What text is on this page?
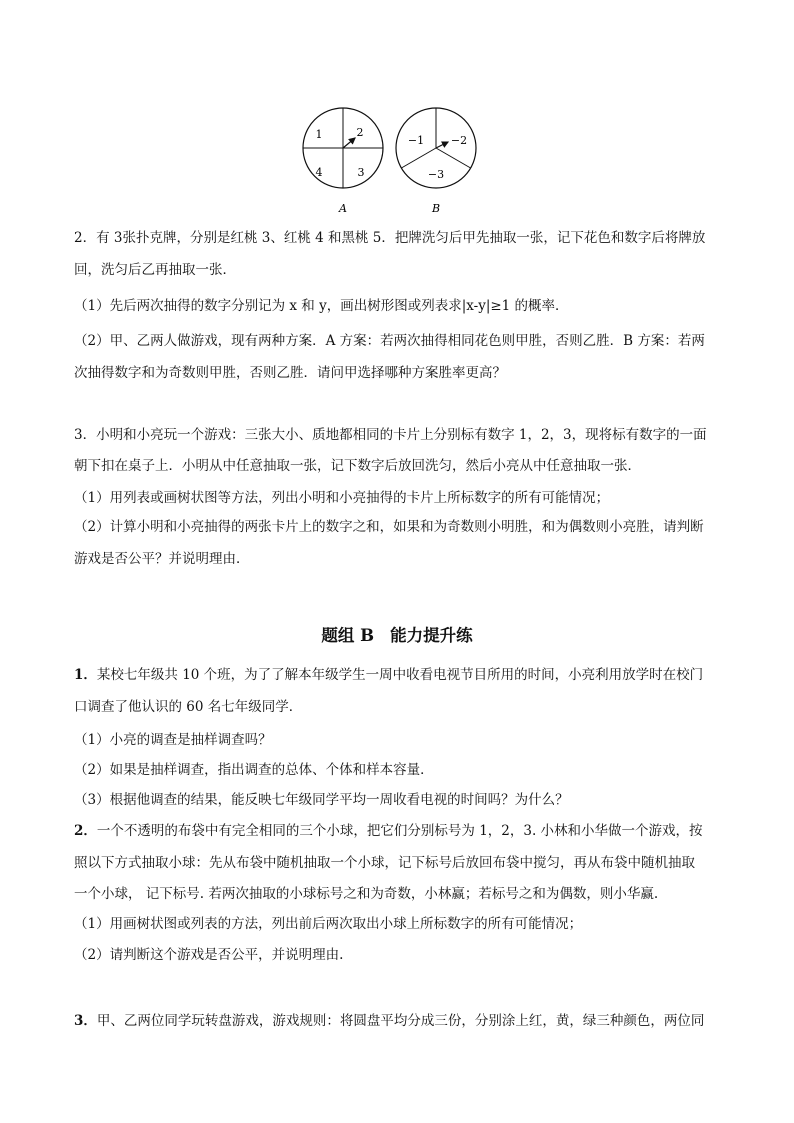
1	2
4	3
A
−1 −2
−3
B
2．有 3张扑克牌，分别是红桃 3、红桃 4 和黑桃 5．把牌洗匀后甲先抽取一张，记下花色和数字后将牌放
回，洗匀后乙再抽取一张．
（1）先后两次抽得的数字分别记为 x 和 y，画出树形图或列表求|x-y|≥1 的概率．
（2）甲、乙两人做游戏，现有两种方案．A 方案：若两次抽得相同花色则甲胜，否则乙胜．B 方案：若两
次抽得数字和为奇数则甲胜，否则乙胜．请问甲选择哪种方案胜率更高？
3．小明和小亮玩一个游戏：三张大小、质地都相同的卡片上分别标有数字 1，2，3，现将标有数字的一面
朝下扣在桌子上．小明从中任意抽取一张，记下数字后放回洗匀，然后小亮从中任意抽取一张．
（1）用列表或画树状图等方法，列出小明和小亮抽得的卡片上所标数字的所有可能情况；
（2）计算小明和小亮抽得的两张卡片上的数字之和，如果和为奇数则小明胜，和为偶数则小亮胜，请判断
游戏是否公平？并说明理由．
题组 B 能力提升练
1．某校七年级共 10 个班，为了了解本年级学生一周中收看电视节目所用的时间，小亮利用放学时在校门
口调查了他认识的 60 名七年级同学．
（1）小亮的调查是抽样调查吗？
（2）如果是抽样调查，指出调查的总体、个体和样本容量．
（3）根据他调查的结果，能反映七年级同学平均一周收看电视的时间吗？为什么？
2．一个不透明的布袋中有完全相同的三个小球，把它们分别标号为 1，2，3. 小林和小华做一个游戏，按
照以下方式抽取小球：先从布袋中随机抽取一个小球，记下标号后放回布袋中搅匀，再从布袋中随机抽取
一个小球， 记下标号. 若两次抽取的小球标号之和为奇数，小林赢；若标号之和为偶数，则小华赢.
（1）用画树状图或列表的方法，列出前后两次取出小球上所标数字的所有可能情况；
（2）请判断这个游戏是否公平，并说明理由.
3．甲、乙两位同学玩转盘游戏，游戏规则：将圆盘平均分成三份，分别涂上红，黄，绿三种颜色，两位同
